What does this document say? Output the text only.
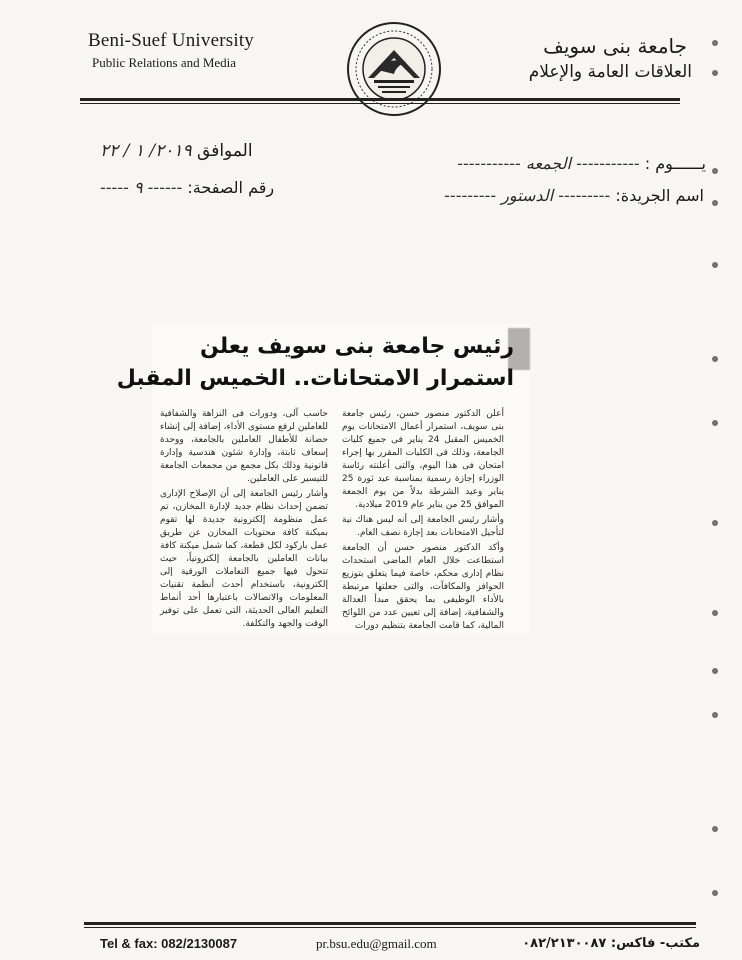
Beni-Suef University
Public Relations and Media
جامعة بنى سويف
العلاقات العامة والإعلام
يــــــوم : ----------- الجمعه -----------
الموافق ٢٠١٩/ ١ / ٢٢
اسم الجريدة: --------- الدستور ---------
رقم الصفحة: ------ ٩ -----
رئيس جامعة بنى سويف يعلن
استمرار الامتحانات.. الخميس المقبل

أعلن الدكتور منصور حسن، رئيس جامعة بنى سويف، استمرار أعمال الامتحانات يوم الخميس المقبل 24 يناير فى جميع كليات الجامعة، وذلك فى الكليات المقرر بها إجراء امتحان فى هذا اليوم، والتى أعلنته رئاسة الوزراء إجازة رسمية بمناسبة عيد ثورة 25 يناير وعيد الشرطة بدلاً من يوم الجمعة الموافق 25 من يناير عام 2019 ميلادية.

وأشار رئيس الجامعة إلى أنه ليس هناك نية لتأجيل الامتحانات بعد إجازة نصف العام.

وأكد الدكتور منصور حسن أن الجامعة استطاعت خلال العام الماضى استحداث نظام إدارى محكم، خاصة فيما يتعلق بتوزيع الحوافز والمكافآت، والتى جعلتها مرتبطة بالأداء الوظيفى بما يحقق مبدأ العدالة والشفافية، إضافة إلى تعيين عدد من اللوائح المالية، كما قامت الجامعة بتنظيم دورات

حاسب آلى، ودورات فى النزاهة والشفافية للعاملين لرفع مستوى الأداء، إضافة إلى إنشاء حضانة للأطفال العاملين بالجامعة، ووحدة إسعاف ثابتة، وإدارة شئون هندسية وإدارة قانونية وذلك بكل مجمع من مجمعات الجامعة للتيسير على العاملين.

وأشار رئيس الجامعة إلى أن الإصلاح الإدارى تضمن إحداث نظام جديد لإدارة المخازن، تم عمل منظومة إلكترونية جديدة لها تقوم بميكنة كافة محتويات المخازن عن طريق عمل باركود لكل قطعة، كما شمل ميكنة كافة بيانات العاملين بالجامعة إلكترونياً، حيث تتحول فيها جميع التعاملات الورقية إلى إلكترونية، باستخدام أحدث أنظمة تقنيات المعلومات والاتصالات باعتبارها أحد أنماط التعليم العالى الحديثة، التى تعمل على توفير الوقت والجهد والتكلفة.

Tel & fax: 082/2130087	pr.bsu.edu@gmail.com	مكتب- فاكس: ٠٨٢/٢١٣٠٠٨٧
